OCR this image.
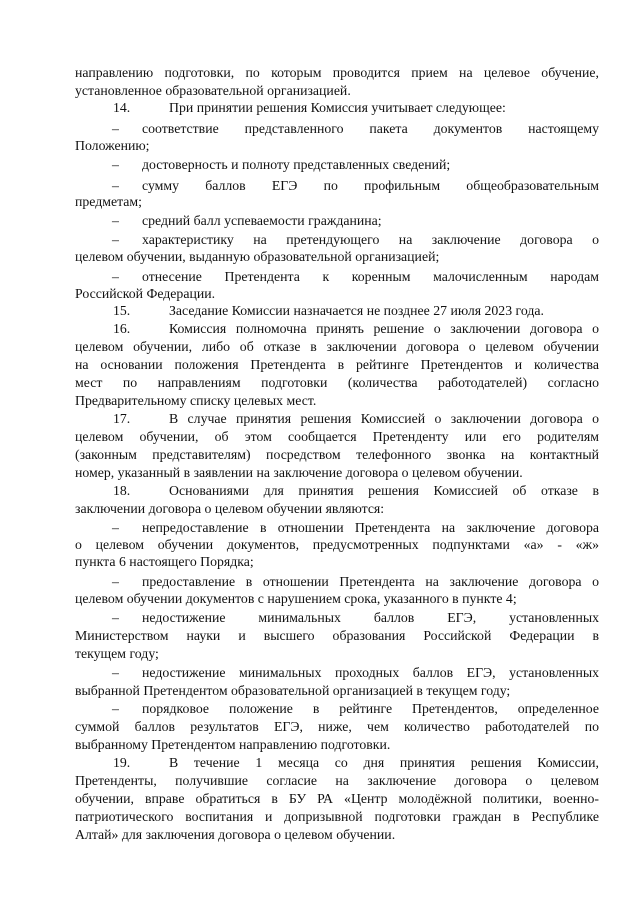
направлению подготовки, по которым проводится прием на целевое обучение,
установленное образовательной организацией.
14.	При принятии решения Комиссия учитывает следующее:
–	соответствие представленного пакета документов настоящему
Положению;
–	достоверность и полноту представленных сведений;
–	сумму баллов ЕГЭ по профильным общеобразовательным
предметам;
–	средний балл успеваемости гражданина;
–	характеристику на претендующего на заключение договора о
целевом обучении, выданную образовательной организацией;
–	отнесение Претендента к коренным малочисленным народам
Российской Федерации.
15.	Заседание Комиссии назначается не позднее 27 июля 2023 года.
16.	Комиссия полномочна принять решение о заключении договора о
целевом обучении, либо об отказе в заключении договора о целевом обучении
на основании положения Претендента в рейтинге Претендентов и количества
мест по направлениям подготовки (количества работодателей) согласно
Предварительному списку целевых мест.
17.	В случае принятия решения Комиссией о заключении договора о
целевом обучении, об этом сообщается Претенденту или его родителям
(законным представителям) посредством телефонного звонка на контактный
номер, указанный в заявлении на заключение договора о целевом обучении.
18.	Основаниями для принятия решения Комиссией об отказе в
заключении договора о целевом обучении являются:
–	непредоставление в отношении Претендента на заключение договора
о целевом обучении документов, предусмотренных подпунктами «а» - «ж»
пункта 6 настоящего Порядка;
–	предоставление в отношении Претендента на заключение договора о
целевом обучении документов с нарушением срока, указанного в пункте 4;
–	недостижение минимальных баллов ЕГЭ, установленных
Министерством науки и высшего образования Российской Федерации в
текущем году;
–	недостижение минимальных проходных баллов ЕГЭ, установленных
выбранной Претендентом образовательной организацией в текущем году;
–	порядковое положение в рейтинге Претендентов, определенное
суммой баллов результатов ЕГЭ, ниже, чем количество работодателей по
выбранному Претендентом направлению подготовки.
19.	В течение 1 месяца со дня принятия решения Комиссии,
Претенденты, получившие согласие на заключение договора о целевом
обучении, вправе обратиться в БУ РА «Центр молодёжной политики, военно-
патриотического воспитания и допризывной подготовки граждан в Республике
Алтай» для заключения договора о целевом обучении.
